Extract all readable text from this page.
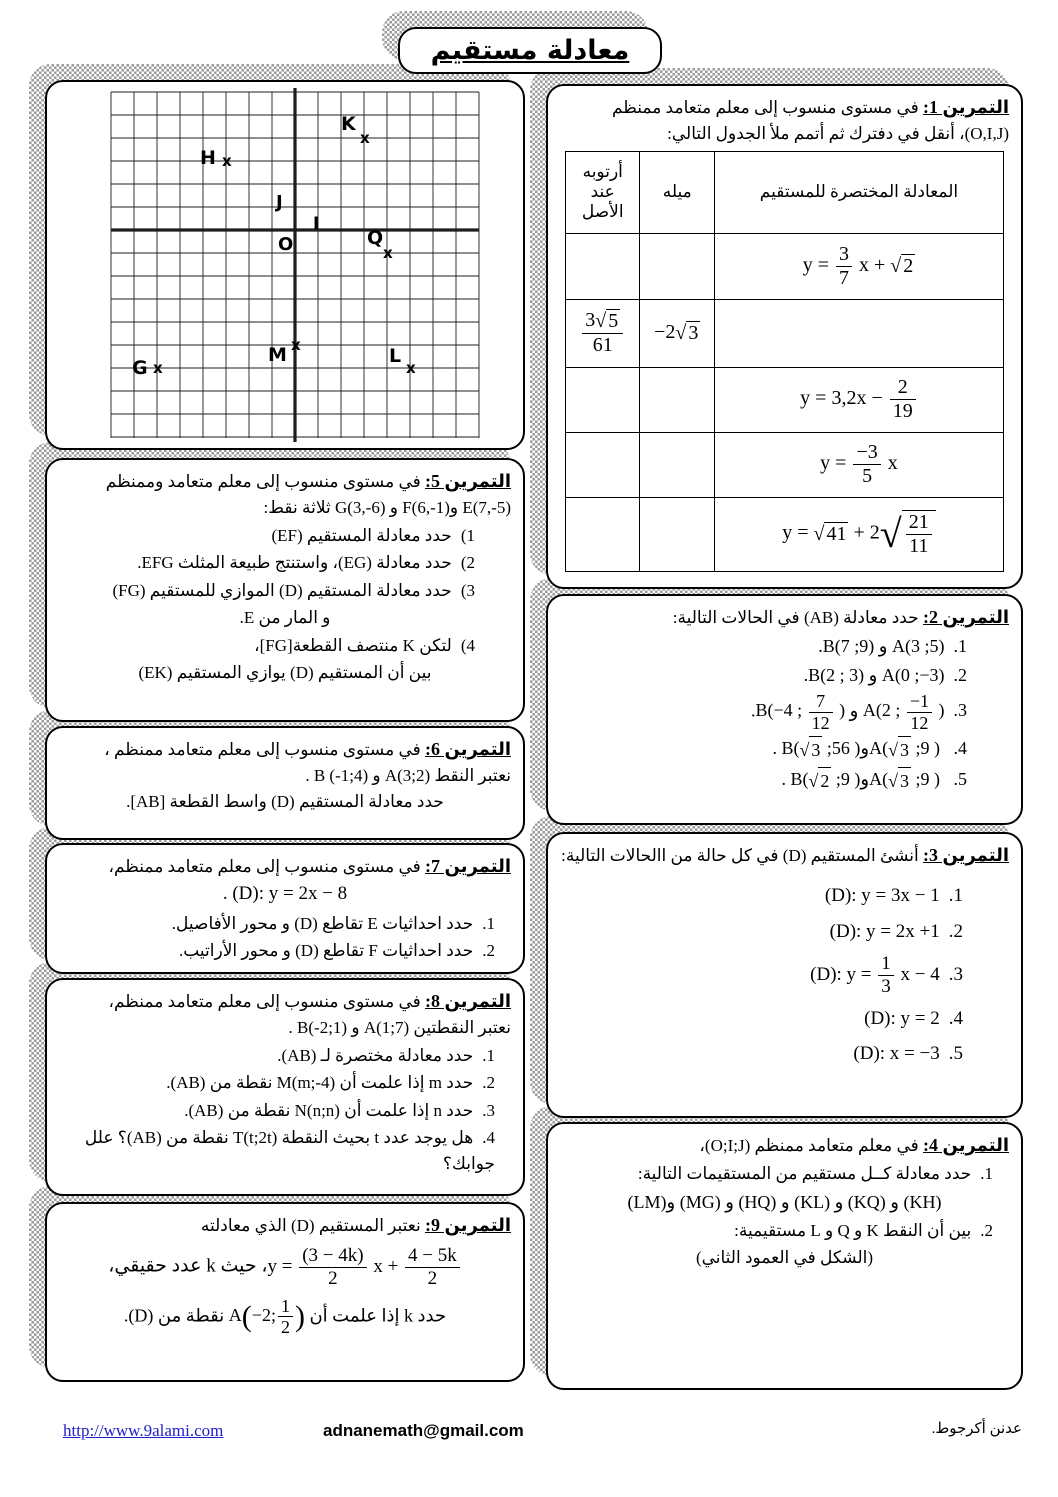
معادلة مستقيم
O
I
J
x
K
x
H
x
Q
x
M
x
G	x
L
التمرين 1: في مستوى منسوب إلى معلم متعامد ممنظم ⁦(O,I,J)⁩، أنقل في دفترك ثم أتمم ملأ الجدول التالي:
المعادلة المختصرة للمستقيم	ميله	أرتوبه عند الأصل

$y = \frac{3}{7}$ x + √ 2

	−2 √ 3	$\frac{3 √ 5}{61}$

$y = 3,2x - \frac{2}{19}$

$y = \frac{-3}{5}$ x		

y = √ 41 + 2 √ $\frac{21}{11}$

التمرين 5: في مستوى منسوب إلى معلم متعامد وممنظم
⁦E(7,-5)⁩ و⁦F(6,-1)⁩ و ⁦G(3,-6)⁩ ثلاثة نقط:
1)حدد معادلة المستقيم ⁦(EF)⁩
2)حدد معادلة ⁦(EG)⁩، واستنتج طبيعة المثلث ⁦EFG⁩.
3)حدد معادلة المستقيم ⁦(D)⁩ الموازي للمستقيم ⁦(FG)⁩
و المار من ⁦E⁩.
4)لتكن ⁦K⁩ منتصف القطعة⁦[FG]⁩،
بين أن المستقيم ⁦(D)⁩ يوازي المستقيم ⁦(EK)⁩
التمرين 2: حدد معادلة ⁦(AB)⁩ في الحالات التالية:
1.⁦A(3 ;5)⁩ و ⁦B(7 ;9)⁩.
2.⁦A(0 ;−3)⁩ و ⁦B(2 ; 3)⁩.
3.A(2 ; $\frac{-1}{12}$ ) و B(−4 ; $\frac{7}{12}$ ).
4.A( √ 3 ;9 ) و B( √ 3 ;56 ).
5.A( √ 3 ;9 ) و B( √ 2 ;9 ).
التمرين 6: في مستوى منسوب إلى معلم متعامد ممنظم ،
نعتبر النقط ⁦A(3;2)⁩ و ⁦B (-1;4)⁩ .
حدد معادلة المستقيم ⁦(D)⁩ واسط القطعة ⁦[AB]⁩.
التمرين 3: أنشئ المستقيم ⁦(D)⁩ في كل حالة من االحالات التالية:
1.(D): y = 3x − 1
2.(D): y = 2x +1
3.(D): $y = \frac{1}{3}$ x − 4
4.(D): y = 2
5.(D): x = −3
التمرين 7: في مستوى منسوب إلى معلم متعامد ممنظم،
(D): y = 2x − 8 .
1.حدد احداثيات ⁦E⁩ تقاطع ⁦(D)⁩ و محور الأفاصيل.
2.حدد احداثيات ⁦F⁩ تقاطع ⁦(D)⁩ و محور الأراتيب.
التمرين 8: في مستوى منسوب إلى معلم متعامد ممنظم،
نعتبر النقطتين ⁦A(1;7)⁩ و ⁦B(-2;1)⁩ .
1.حدد معادلة مختصرة لـ ⁦(AB)⁩.
2.حدد ⁦m⁩ إذا علمت أن ⁦M(m;-4)⁩ نقطة من ⁦(AB)⁩.
3.حدد ⁦n⁩ إذا علمت أن ⁦N(n;n)⁩ نقطة من ⁦(AB)⁩.
4.هل يوجد عدد ⁦t⁩ بحيث النقطة ⁦T(t;2t)⁩ نقطة من ⁦(AB)⁩؟ علل جوابك؟
التمرين 4: في معلم متعامد ممنظم ⁦(O;I;J)⁩،
1.حدد معادلة كــل مستقيم من المستقيمات التالية:
⁦(KH)⁩ و ⁦(KQ)⁩ و ⁦(KL)⁩ و ⁦(HQ)⁩ و ⁦(MG)⁩ و⁦(LM)⁩
2.بين أن النقط ⁦K⁩ و ⁦Q⁩ و ⁦L⁩ مستقيمية:
(الشكل في العمود الثاني)
التمرين 9: نعتبر المستقيم ⁦(D)⁩ الذي معادلته
$y = \frac{(3 - 4k)}{2}$ $x + \frac{4 - 5k}{2}$
، حيث ⁦k⁩ عدد حقيقي،
حدد ⁦k⁩ إذا علمت أن A(−2; $\frac{1}{2}$ ) نقطة من ⁦(D)⁩.
http://www.9alami.com	adnanemath@gmail.com	عدنن أكرجوط.
